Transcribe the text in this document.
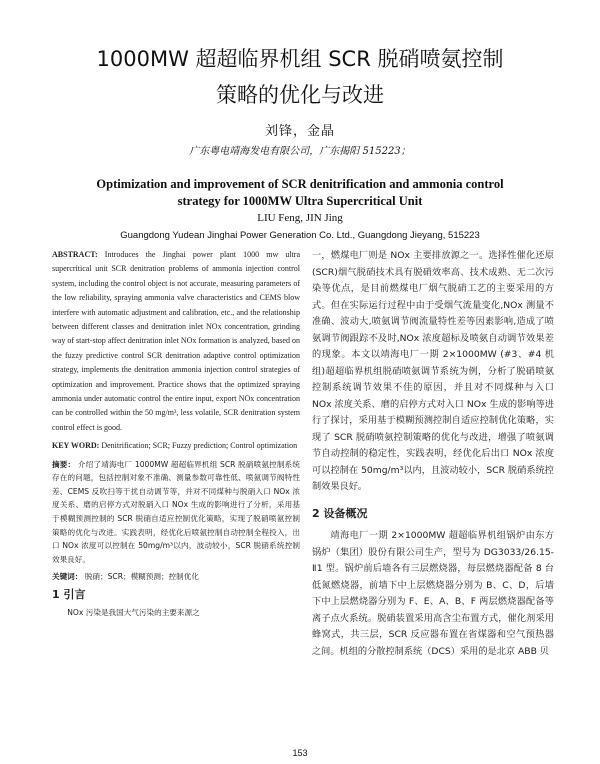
1000MW 超超临界机组 SCR 脱硝喷氨控制
策略的优化与改进
刘锋，金晶
广东粤电靖海发电有限公司，广东揭阳 515223；
Optimization and improvement of SCR denitrification and ammonia control
strategy for 1000MW Ultra Supercritical Unit
LIU Feng, JIN Jing
Guangdong Yudean Jinghai Power Generation Co. Ltd., Guangdong Jieyang, 515223

ABSTRACT: Introduces the Jinghai power plant 1000 mw ultra supercritical unit SCR denitration problems of ammonia injection control system, including the control object is not accurate, measuring parameters of the low reliability, spraying ammonia valve characteristics and CEMS blow interfere with automatic adjustment and calibration, etc., and the relationship between different classes and denitration inlet NOx concentration, grinding way of start-stop affect denitration inlet NOx formation is analyzed, based on the fuzzy predictive control SCR denitration adaptive control optimization strategy, implements the denitration ammonia injection control strategies of optimization and improvement. Practice shows that the optimized spraying ammonia under automatic control the entire input, export NOx concentration can be controlled within the 50 mg/m³, less volatile, SCR denitration system control effect is good.

KEY WORD: Denitrification; SCR; Fuzzy prediction; Control optimization

摘要： 介绍了靖海电厂 1000MW 超超临界机组 SCR 脱硝喷氨控制系统存在的问题，包括控制对象不准确、测量参数可靠性低、喷氨调节阀特性差、CEMS 反吹扫等干扰自动调节等，并对不同煤种与脱硝入口 NOx 浓度关系、磨的启停方式对脱硝入口 NOx 生成的影响进行了分析，采用基于模糊预测控制的 SCR 脱硝自适应控制优化策略，实现了脱硝喷氨控制策略的优化与改进。实践表明，经优化后喷氨控制自动控制全程投入，出口 NOx 浓度可以控制在 50mg/m³以内，波动较小，SCR 脱硝系统控制效果良好。

关键词： 脱硝；SCR；模糊预测；控制优化

1 引言

NOx 污染是我国大气污染的主要来源之

一，燃煤电厂则是 NOx 主要排放源之一。选择性催化还原(SCR)烟气脱硝技术具有脱硝效率高、技术成熟、无二次污染等优点，是目前燃煤电厂烟气脱硝工艺的主要采用的方式。但在实际运行过程中由于受烟气流量变化,NOx 测量不准确、波动大,喷氨调节阀流量特性差等因素影响,造成了喷氨调节阀跟踪不及时,NOx 浓度超标及喷氨自动调节效果差的现象。本文以靖海电厂一期 2×1000MW (#3、#4 机组)超超临界机组脱硝喷氨调节系统为例，分析了脱硝喷氨控制系统调节效果不佳的原因，并且对不同煤种与入口 NOx 浓度关系、磨的启停方式对入口 NOx 生成的影响等进行了探讨，采用基于模糊预测控制自适应控制优化策略，实现了 SCR 脱硝喷氨控制策略的优化与改进，增强了喷氨调节自动控制的稳定性，实践表明，经优化后出口 NOx 浓度可以控制在 50mg/m³以内，且波动较小，SCR 脱硝系统控制效果良好。

2 设备概况

靖海电厂一期 2×1000MW 超超临界机组锅炉由东方锅炉（集团）股份有限公司生产，型号为 DG3033/26.15-Ⅱ1 型。锅炉前后墙各有三层燃烧器，每层燃烧器配备 8 台低氮燃烧器，前墙下中上层燃烧器分别为 B、C、D，后墙下中上层燃烧器分别为 F、E、A、B、F 两层燃烧器配备等离子点火系统。脱硝装置采用高含尘布置方式，催化剂采用蜂窝式，共三层，SCR 反应器布置在省煤器和空气预热器之间。机组的分散控制系统（DCS）采用的是北京 ABB 贝

153
